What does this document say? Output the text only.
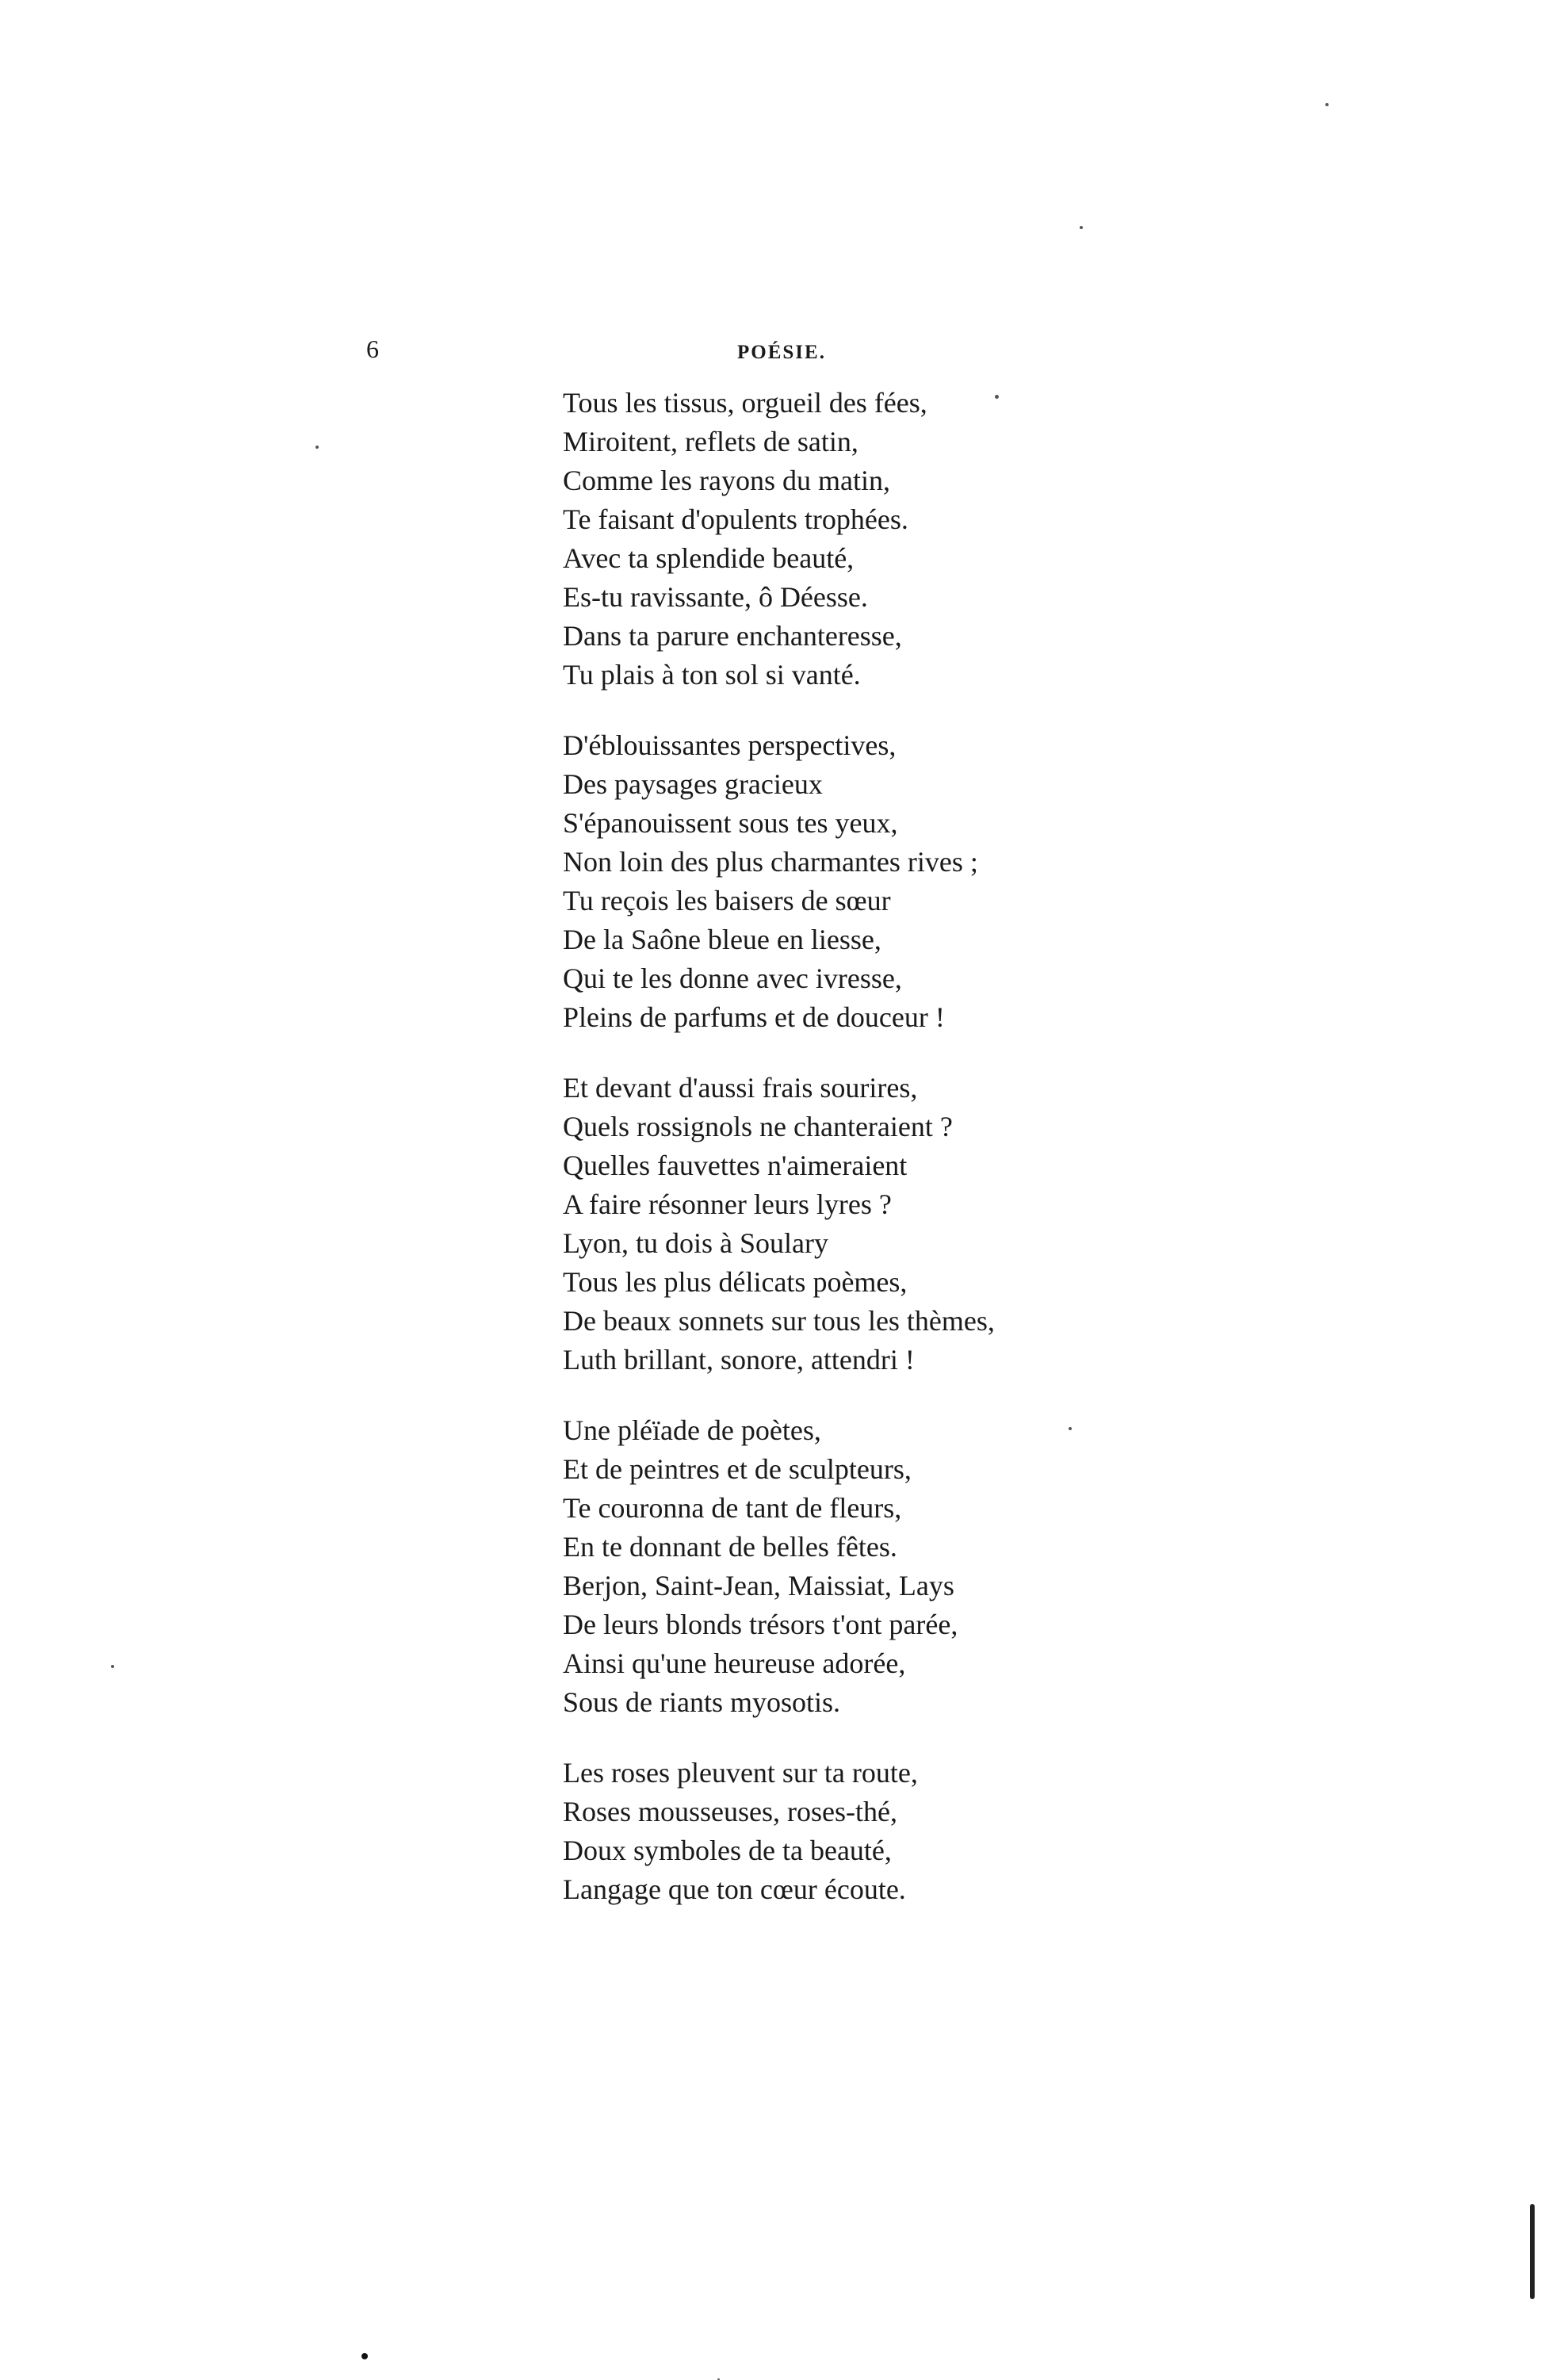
6	POÉSIE.
Tous les tissus, orgueil des fées,
Miroitent, reflets de satin,
Comme les rayons du matin,
Te faisant d'opulents trophées.
Avec ta splendide beauté,
Es-tu ravissante, ô Déesse.
Dans ta parure enchanteresse,
Tu plais à ton sol si vanté.
D'éblouissantes perspectives,
Des paysages gracieux
S'épanouissent sous tes yeux,
Non loin des plus charmantes rives ;
Tu reçois les baisers de sœur
De la Saône bleue en liesse,
Qui te les donne avec ivresse,
Pleins de parfums et de douceur !
Et devant d'aussi frais sourires,
Quels rossignols ne chanteraient ?
Quelles fauvettes n'aimeraient
A faire résonner leurs lyres ?
Lyon, tu dois à Soulary
Tous les plus délicats poèmes,
De beaux sonnets sur tous les thèmes,
Luth brillant, sonore, attendri !
Une pléïade de poètes,
Et de peintres et de sculpteurs,
Te couronna de tant de fleurs,
En te donnant de belles fêtes.
Berjon, Saint-Jean, Maissiat, Lays
De leurs blonds trésors t'ont parée,
Ainsi qu'une heureuse adorée,
Sous de riants myosotis.
Les roses pleuvent sur ta route,
Roses mousseuses, roses-thé,
Doux symboles de ta beauté,
Langage que ton cœur écoute.
